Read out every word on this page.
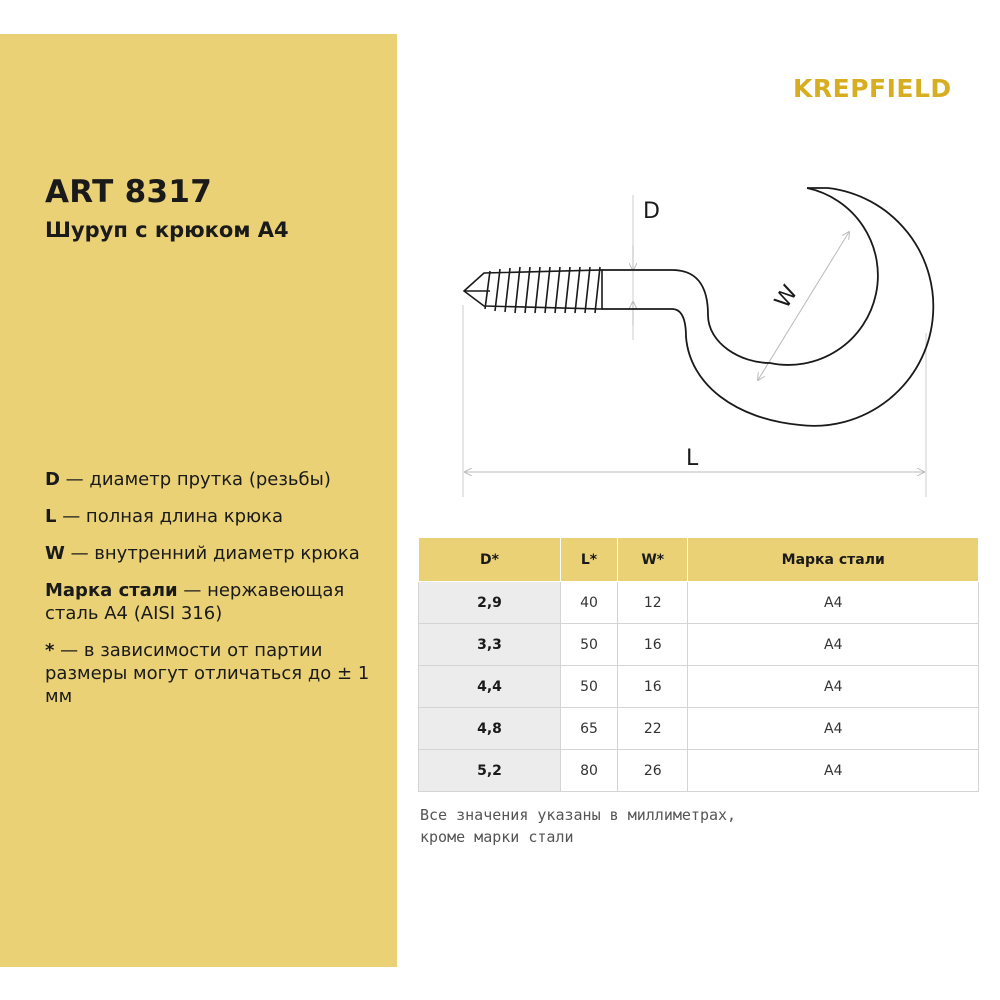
ART 8317
Шуруп с крюком А4

D — диаметр прутка (резьбы)

L — полная длина крюка

W — внутренний диаметр крюка

Марка стали — нержавеющая сталь А4 (AISI 316)

* — в зависимости от партии размеры могут отличаться до ± 1 мм

KREPFIELD
D
W
L
D*	L*	W*	Марка стали
2,9	40	12	А4
3,3	50	16	А4
4,4	50	16	А4
4,8	65	22	А4
5,2	80	26	А4
Все значения указаны в миллиметрах,
кроме марки стали
